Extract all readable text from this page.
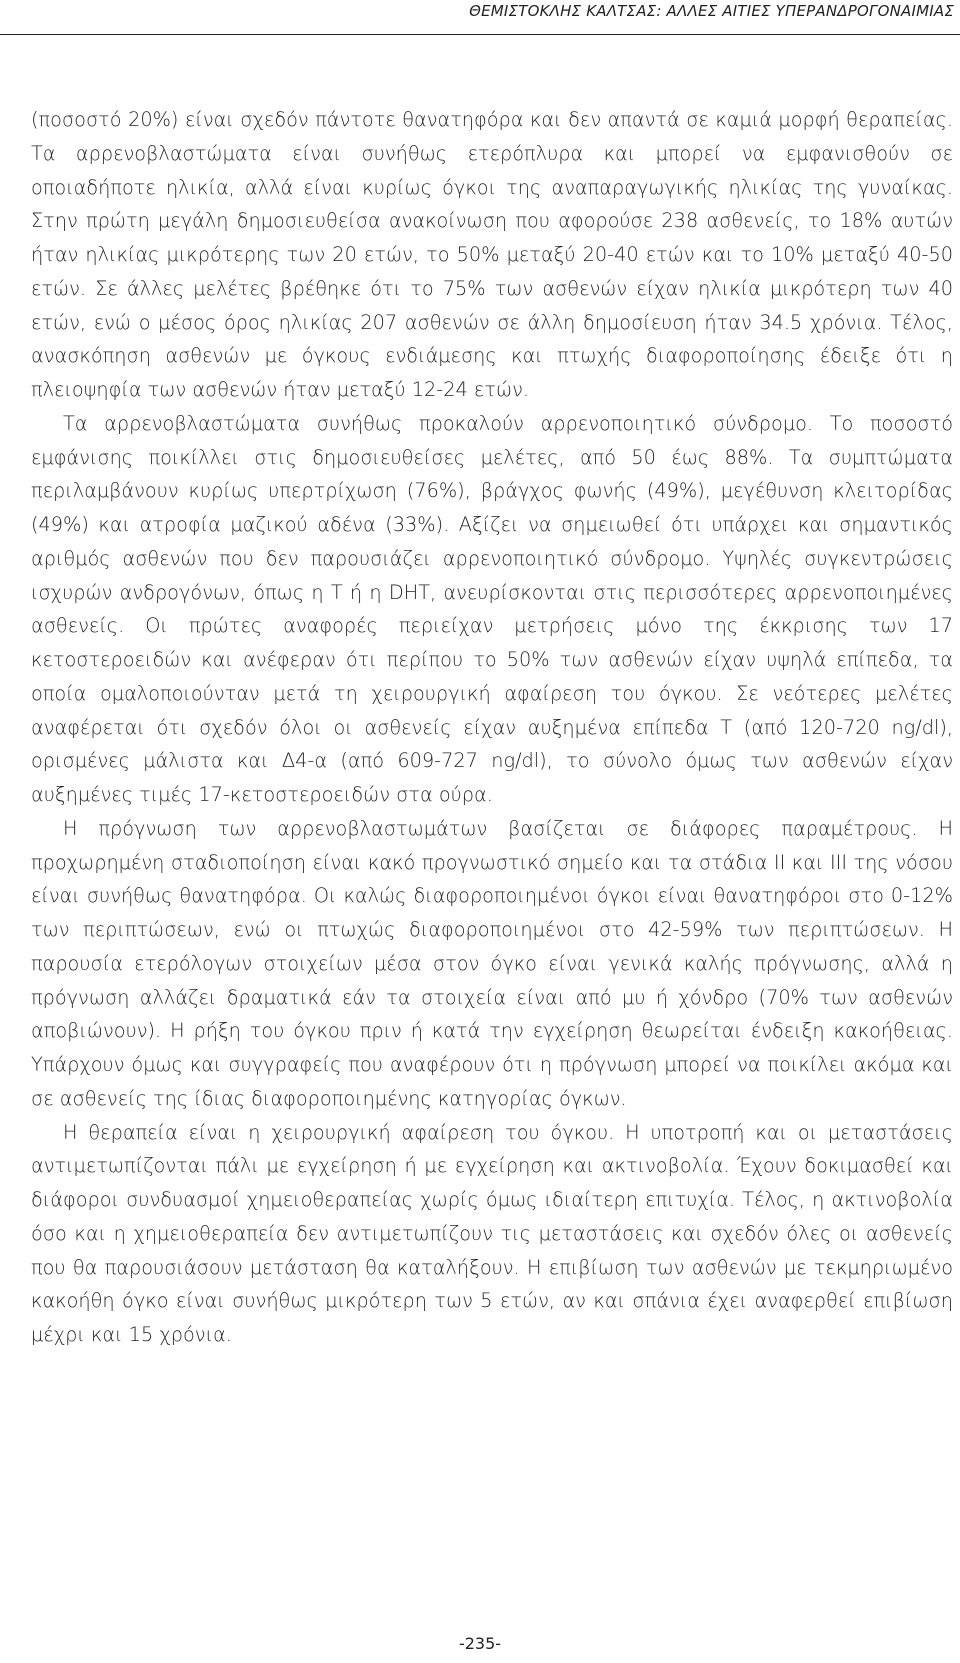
ΘΕΜΙΣΤΟΚΛΗΣ ΚΑΛΤΣΑΣ: ΑΛΛΕΣ ΑΙΤΙΕΣ ΥΠΕΡΑΝΔΡΟΓΟΝΑΙΜΙΑΣ

(ποσοστό 20%) είναι σχεδόν πάντοτε θανατηφόρα και δεν απαντά σε καμιά μορφή θεραπείας. Τα αρρενοβλαστώματα είναι συνήθως ετερόπλυρα και μπορεί να εμφανισθούν σε οποιαδήποτε ηλικία, αλλά είναι κυρίως όγκοι της αναπαραγωγικής ηλικίας της γυναίκας. Στην πρώτη μεγάλη δημοσιευθείσα ανακοίνωση που αφορούσε 238 ασθενείς, το 18% αυτών ήταν ηλικίας μικρότερης των 20 ετών, το 50% μεταξύ 20-40 ετών και το 10% μεταξύ 40-50 ετών. Σε άλλες μελέτες βρέθηκε ότι το 75% των ασθενών είχαν ηλικία μικρότερη των 40 ετών, ενώ ο μέσος όρος ηλικίας 207 ασθενών σε άλλη δημοσίευση ήταν 34.5 χρόνια. Τέλος, ανασκόπηση ασθενών με όγκους ενδιάμεσης και πτωχής διαφοροποίησης έδειξε ότι η πλειοψηφία των ασθενών ήταν μεταξύ 12-24 ετών.

Τα αρρενοβλαστώματα συνήθως προκαλούν αρρενοποιητικό σύνδρομο. Το ποσοστό εμφάνισης ποικίλλει στις δημοσιευθείσες μελέτες, από 50 έως 88%. Τα συμπτώματα περιλαμβάνουν κυρίως υπερτρίχωση (76%), βράγχος φωνής (49%), μεγέθυνση κλειτορίδας (49%) και ατροφία μαζικού αδένα (33%). Αξίζει να σημειωθεί ότι υπάρχει και σημαντικός αριθμός ασθενών που δεν παρουσιάζει αρρενοποιητικό σύνδρομο. Υψηλές συγκεντρώσεις ισχυρών ανδρογόνων, όπως η Τ ή η DHT, ανευρίσκονται στις περισσότερες αρρενοποιημένες ασθενείς. Οι πρώτες αναφορές περιείχαν μετρήσεις μόνο της έκκρισης των 17 κετοστεροειδών και ανέφεραν ότι περίπου το 50% των ασθενών είχαν υψηλά επίπεδα, τα οποία ομαλοποιούνταν μετά τη χειρουργική αφαίρεση του όγκου. Σε νεότερες μελέτες αναφέρεται ότι σχεδόν όλοι οι ασθενείς είχαν αυξημένα επίπεδα Τ (από 120-720 ng/dl), ορισμένες μάλιστα και Δ4-α (από 609-727 ng/dl), το σύνολο όμως των ασθενών είχαν αυξημένες τιμές 17-κετοστεροειδών στα ούρα.

Η πρόγνωση των αρρενοβλαστωμάτων βασίζεται σε διάφορες παραμέτρους. Η προχωρημένη σταδιοποίηση είναι κακό προγνωστικό σημείο και τα στάδια II και III της νόσου είναι συνήθως θανατηφόρα. Οι καλώς διαφοροποιημένοι όγκοι είναι θανατηφόροι στο 0-12% των περιπτώσεων, ενώ οι πτωχώς διαφοροποιημένοι στο 42-59% των περιπτώσεων. Η παρουσία ετερόλογων στοιχείων μέσα στον όγκο είναι γενικά καλής πρόγνωσης, αλλά η πρόγνωση αλλάζει δραματικά εάν τα στοιχεία είναι από μυ ή χόνδρο (70% των ασθενών αποβιώνουν). Η ρήξη του όγκου πριν ή κατά την εγχείρηση θεωρείται ένδειξη κακοήθειας. Υπάρχουν όμως και συγγραφείς που αναφέρουν ότι η πρόγνωση μπορεί να ποικίλει ακόμα και σε ασθενείς της ίδιας διαφοροποιημένης κατηγορίας όγκων.

Η θεραπεία είναι η χειρουργική αφαίρεση του όγκου. Η υποτροπή και οι μεταστάσεις αντιμετωπίζονται πάλι με εγχείρηση ή με εγχείρηση και ακτινοβολία. Έχουν δοκιμασθεί και διάφοροι συνδυασμοί χημειοθεραπείας χωρίς όμως ιδιαίτερη επιτυχία. Τέλος, η ακτινοβολία όσο και η χημειοθεραπεία δεν αντιμετωπίζουν τις μεταστάσεις και σχεδόν όλες οι ασθενείς που θα παρουσιάσουν μετάσταση θα καταλήξουν. Η επιβίωση των ασθενών με τεκμηριωμένο κακοήθη όγκο είναι συνήθως μικρότερη των 5 ετών, αν και σπάνια έχει αναφερθεί επιβίωση μέχρι και 15 χρόνια.

-235-
